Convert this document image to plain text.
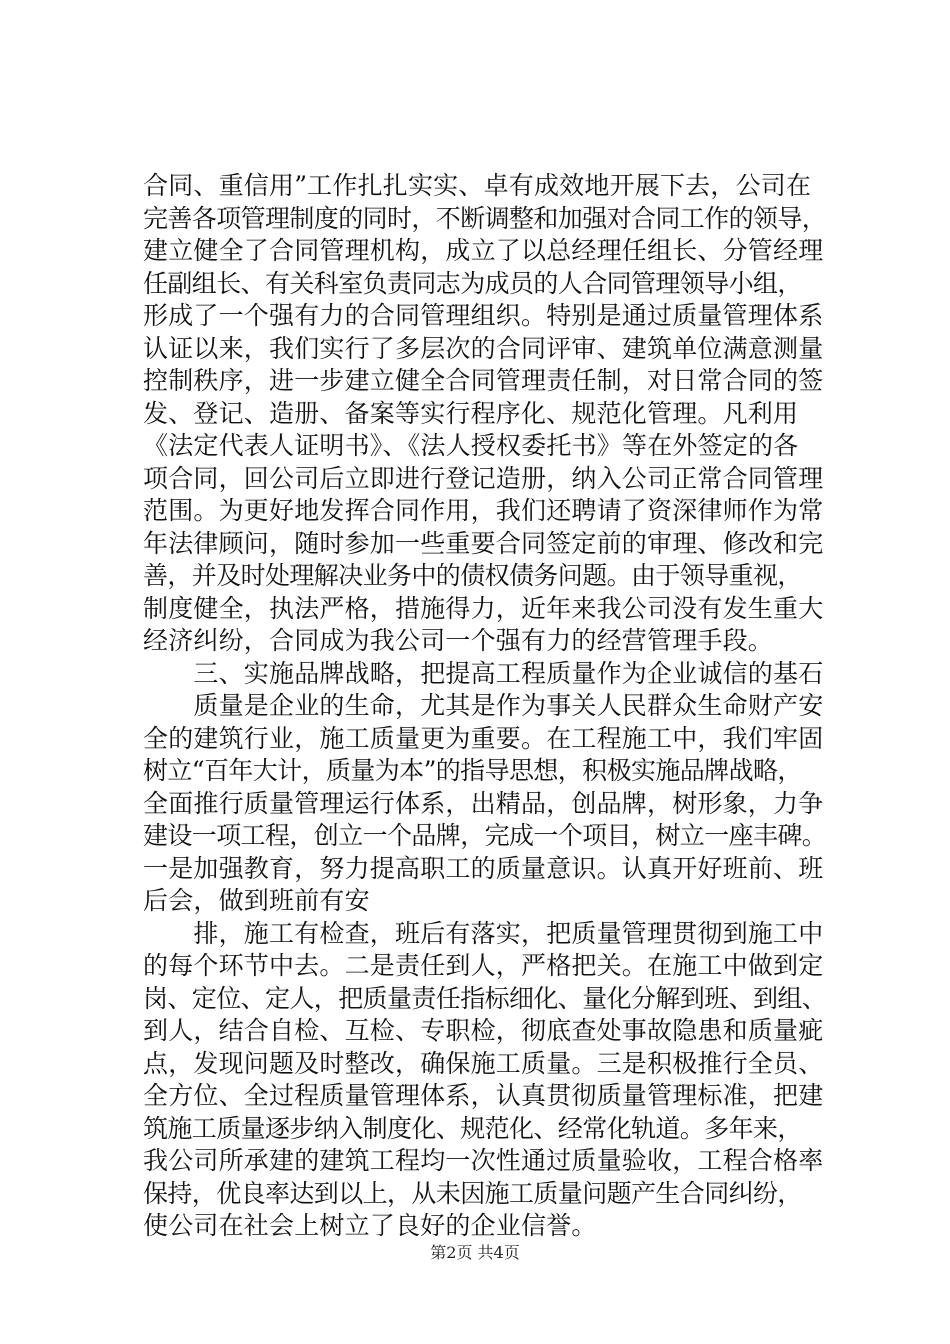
合同、重信用”工作扎扎实实、卓有成效地开展下去，公司在
完善各项管理制度的同时，不断调整和加强对合同工作的领导，
建立健全了合同管理机构，成立了以总经理任组长、分管经理
任副组长、有关科室负责同志为成员的人合同管理领导小组，
形成了一个强有力的合同管理组织。特别是通过质量管理体系
认证以来，我们实行了多层次的合同评审、建筑单位满意测量
控制秩序，进一步建立健全合同管理责任制，对日常合同的签
发、登记、造册、备案等实行程序化、规范化管理。凡利用
《法定代表人证明书》、《法人授权委托书》等在外签定的各
项合同，回公司后立即进行登记造册，纳入公司正常合同管理
范围。为更好地发挥合同作用，我们还聘请了资深律师作为常
年法律顾问，随时参加一些重要合同签定前的审理、修改和完
善，并及时处理解决业务中的债权债务问题。由于领导重视，
制度健全，执法严格，措施得力，近年来我公司没有发生重大
经济纠纷，合同成为我公司一个强有力的经营管理手段。
　　三、实施品牌战略，把提高工程质量作为企业诚信的基石
　　质量是企业的生命，尤其是作为事关人民群众生命财产安
全的建筑行业，施工质量更为重要。在工程施工中，我们牢固
树立“百年大计，质量为本”的指导思想，积极实施品牌战略，
全面推行质量管理运行体系，出精品，创品牌，树形象，力争
建设一项工程，创立一个品牌，完成一个项目，树立一座丰碑。
一是加强教育，努力提高职工的质量意识。认真开好班前、班
后会，做到班前有安
　　排，施工有检查，班后有落实，把质量管理贯彻到施工中
的每个环节中去。二是责任到人，严格把关。在施工中做到定
岗、定位、定人，把质量责任指标细化、量化分解到班、到组、
到人，结合自检、互检、专职检，彻底查处事故隐患和质量疵
点，发现问题及时整改，确保施工质量。三是积极推行全员、
全方位、全过程质量管理体系，认真贯彻质量管理标准，把建
筑施工质量逐步纳入制度化、规范化、经常化轨道。多年来，
我公司所承建的建筑工程均一次性通过质量验收，工程合格率
保持，优良率达到以上，从未因施工质量问题产生合同纠纷，
使公司在社会上树立了良好的企业信誉。
第2页 共4页
